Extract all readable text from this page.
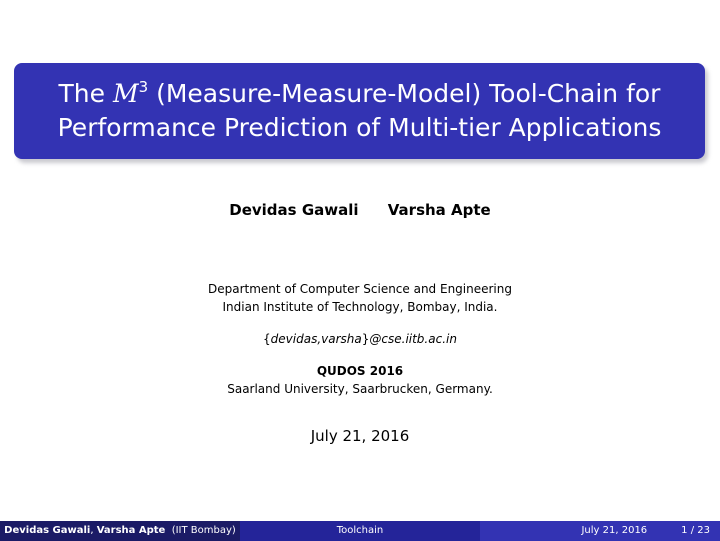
The $M^3$ (Measure-Measure-Model) Tool-Chain for
Performance Prediction of Multi-tier Applications
Devidas Gawali Varsha Apte
Department of Computer Science and Engineering
Indian Institute of Technology, Bombay, India.
{devidas,varsha}@cse.iitb.ac.in
QUDOS 2016
Saarland University, Saarbrucken, Germany.
July 21, 2016
Devidas Gawali, Varsha Apte (IIT Bombay)	Toolchain	July 21, 2016	1 / 23
